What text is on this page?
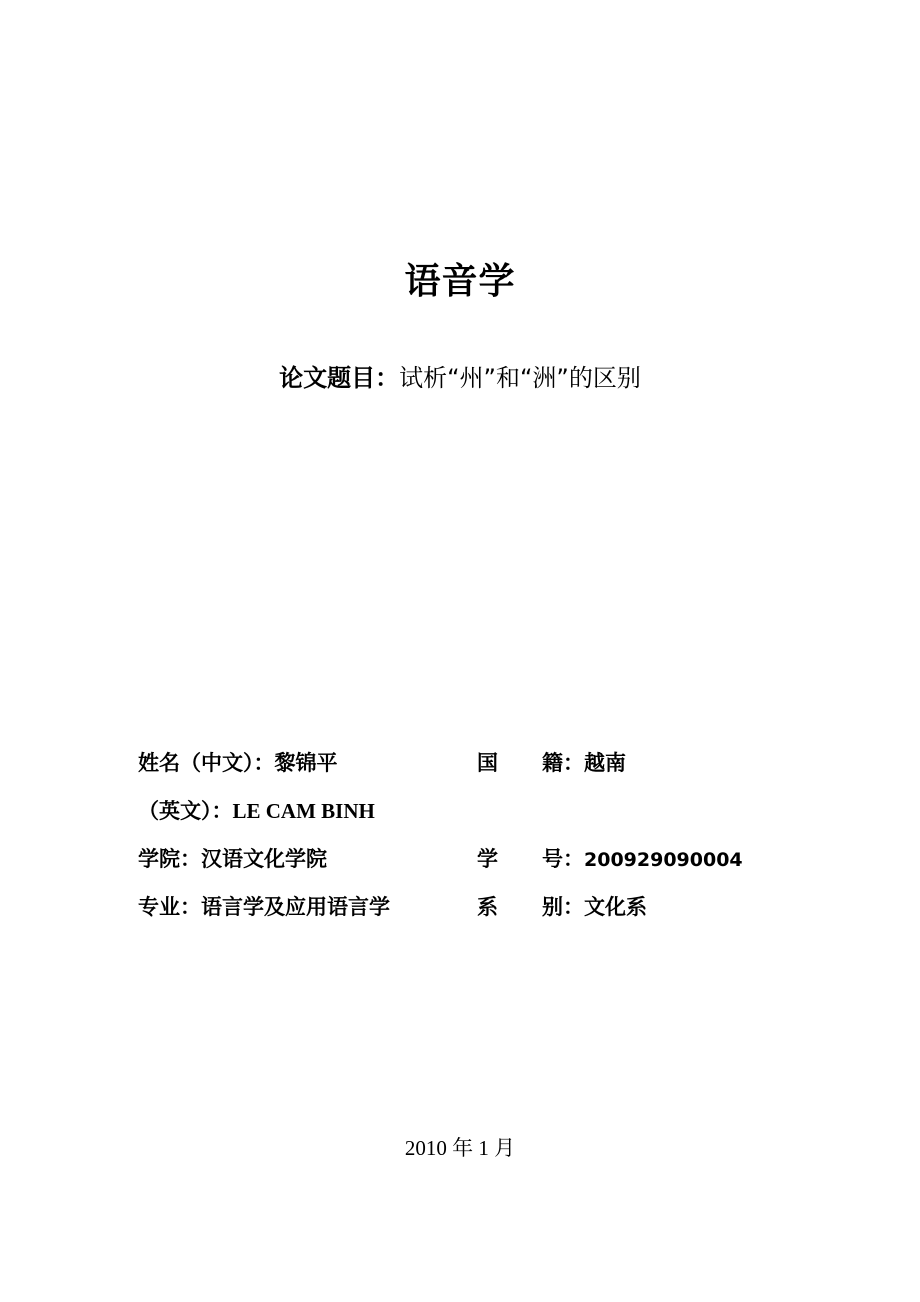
语音学
论文题目：试析“州”和“洲”的区别
姓名（中文）：黎锦平	国 籍：越南
（英文）：LE CAM BINH
学院：汉语文化学院	学 号：200929090004
专业：语言学及应用语言学	系 别：文化系
2010 年 1 月
